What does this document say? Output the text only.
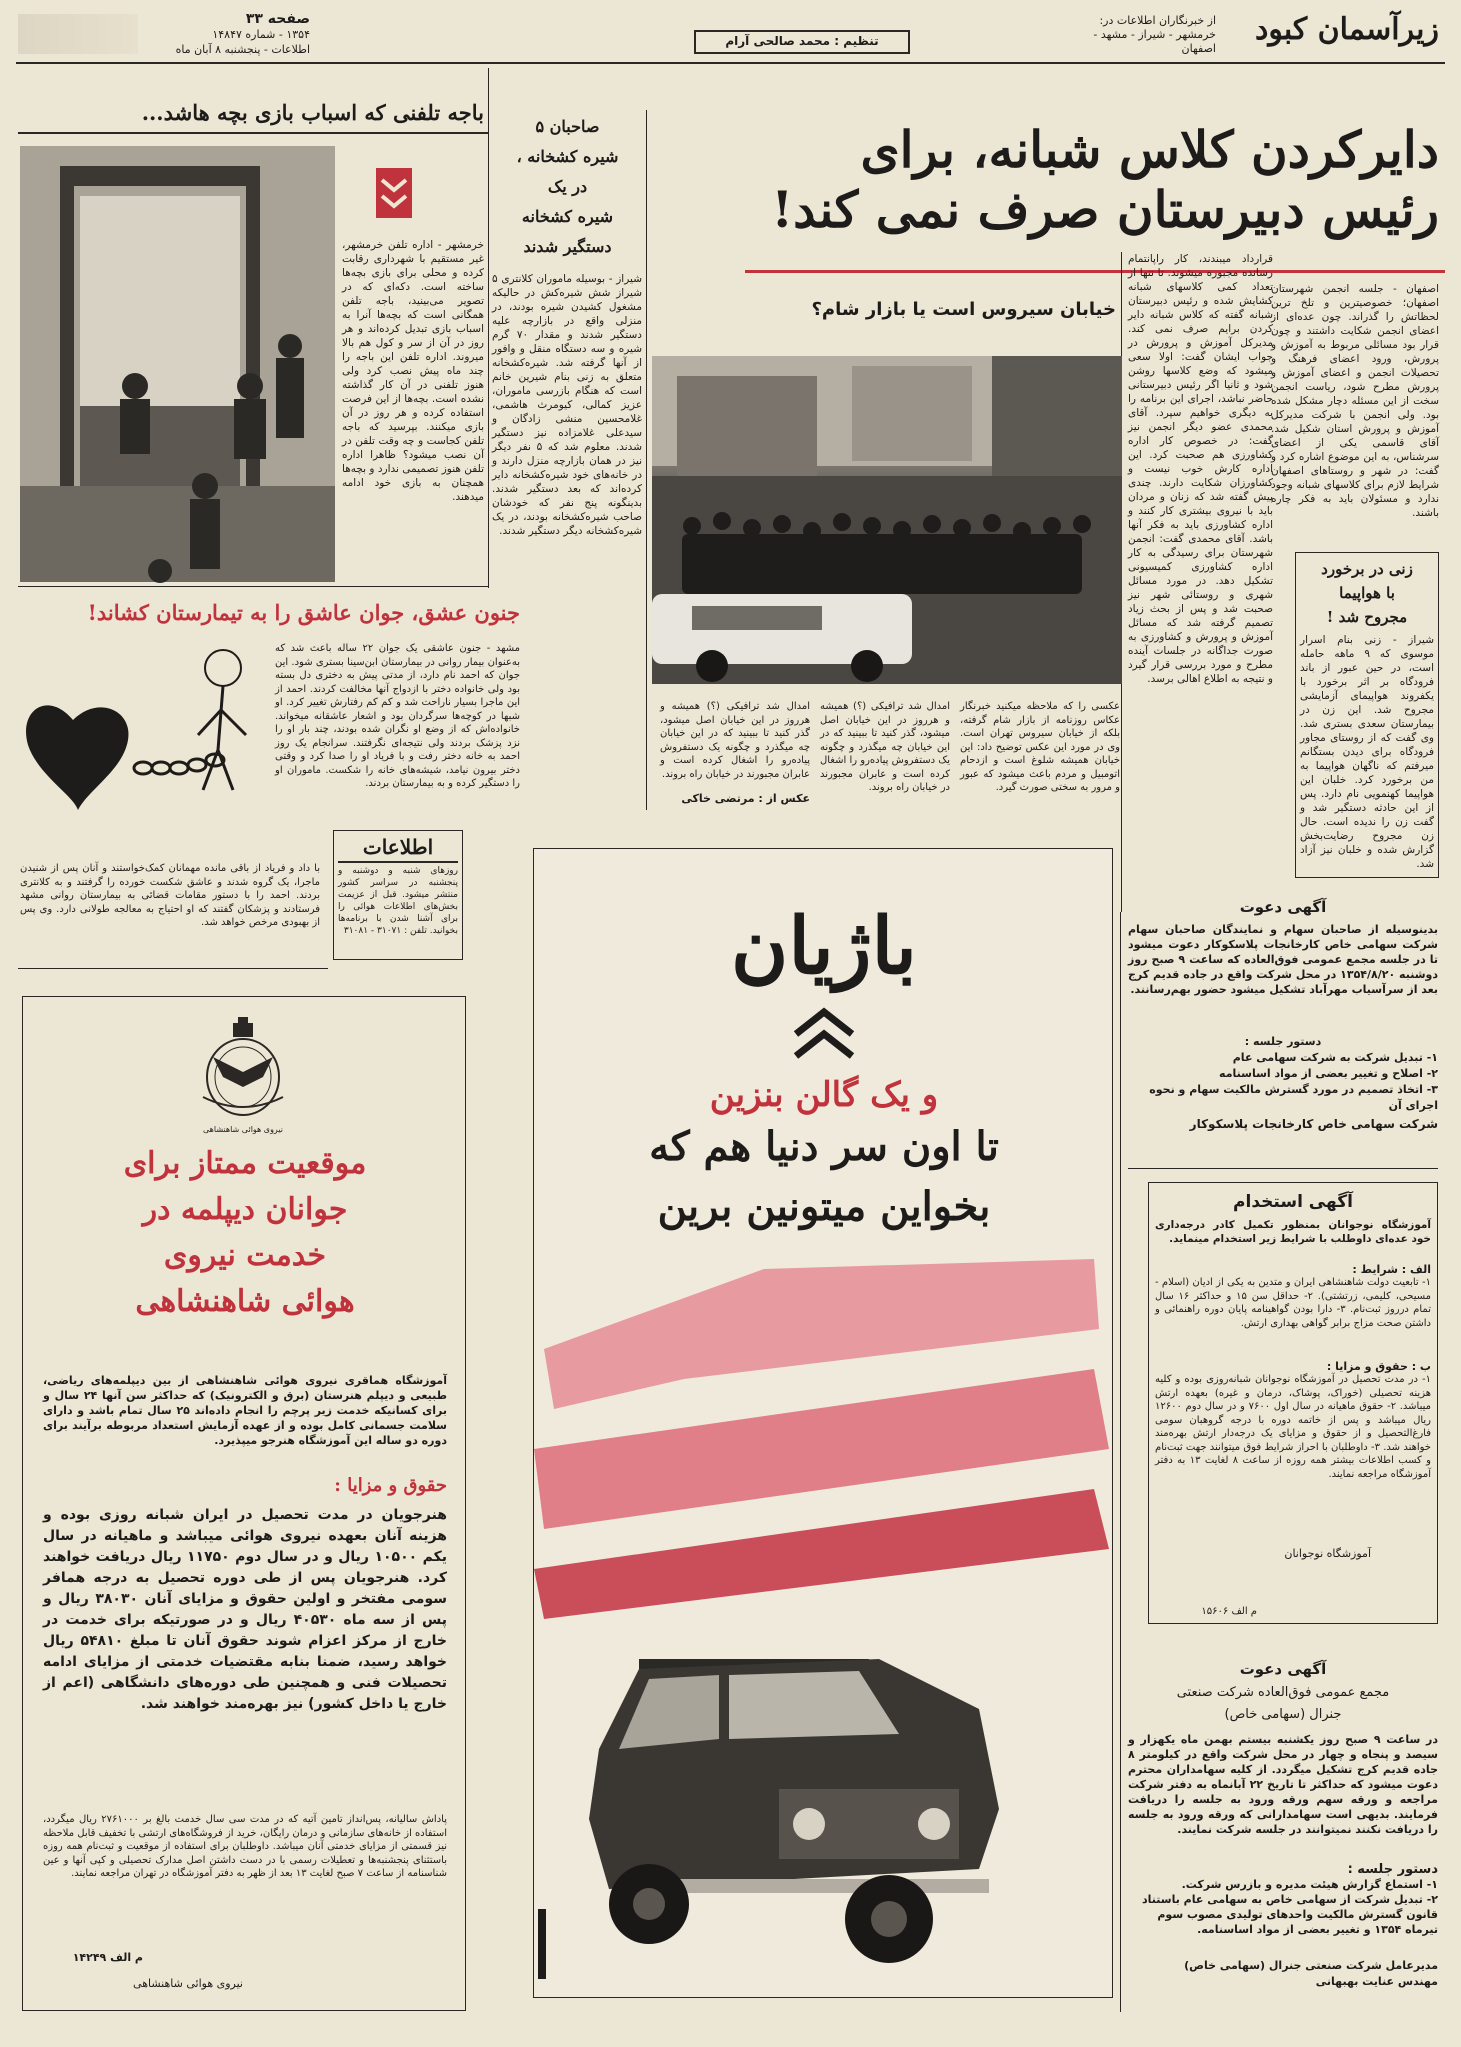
زیرآسمان کبود
از خبرنگاران اطلاعات در:
خرمشهر - شیراز - مشهد -
اصفهان
تنظیم : محمد صالحی آرام
صفحه ۳۳
۱۳۵۴ - شماره ۱۴۸۴۷
اطلاعات - پنجشنبه ۸ آبان ماه
دایرکردن کلاس شبانه، برای
رئیس دبیرستان صرف نمی کند!
اصفهان - جلسه انجمن شهرستان اصفهان؛ خصوصیترین و تلخ ترین لحظاتش را گذراند. چون عده‌ای از اعضای انجمن شکایت داشتند و چون قرار بود مسائلی مربوط به آموزش و پرورش، ورود اعضای فرهنگ و تحصیلات انجمن و اعضای آموزش و پرورش مطرح شود، ریاست انجمن سخت از این مسئله دچار مشکل شده بود. ولی انجمن با شرکت مدیرکل آموزش و پرورش استان شکیل شد. آقای قاسمی یکی از اعضای سرشناس، به این موضوع اشاره کرد و گفت: در شهر و روستاهای اصفهان شرایط لازم برای کلاسهای شبانه وجود ندارد و مسئولان باید به فکر چاره باشند.
قرارداد میبندند، کار راپانتمام رسانده مجبوره میشوند. تا تنها از تعداد کمی کلاسهای شبانه کشایش شده و رئیس دبیرستان شبانه گفته که کلاس شبانه دایر کردن برایم صرف نمی کند. مدیرکل آموزش و پرورش در جواب ایشان گفت: اولا سعی میشود که وضع کلاسها روشن شود و ثانیا اگر رئیس دبیرستانی حاضر نباشد، اجرای این برنامه را به دیگری خواهیم سپرد. آقای محمدی عضو دیگر انجمن نیز گفت: در خصوص کار اداره کشاورزی هم صحبت کرد. این اداره کارش خوب نیست و کشاورزان شکایت دارند. چندی پیش گفته شد که زنان و مردان باید با نیروی بیشتری کار کنند و اداره کشاورزی باید به فکر آنها باشد. آقای محمدی گفت: انجمن شهرستان برای رسیدگی به کار اداره کشاورزی کمیسیونی تشکیل دهد. در مورد مسائل شهری و روستائی شهر نیز صحبت شد و پس از بحث زیاد تصمیم گرفته شد که مسائل آموزش و پرورش و کشاورزی به صورت جداگانه در جلسات آینده مطرح و مورد بررسی قرار گیرد و نتیجه به اطلاع اهالی برسد.
خیابان سیروس است یا بازار شام؟
عکسی را که ملاحظه میکنید خبرنگار عکاس روزنامه از بازار شام گرفته، بلکه از خیابان سیروس تهران است. وی در مورد این عکس توضیح داد: این خیابان همیشه شلوغ است و ازدحام اتومبیل و مردم باعث میشود که عبور و مرور به سختی صورت گیرد.
امدال شد ترافیکی (؟) همیشه و هرروز در این خیابان اصل میشود، گذر کنید تا ببینید که در این خیابان چه میگذرد و چگونه یک دستفروش پیاده‌رو را اشغال کرده است و عابران مجبورند در خیابان راه بروند.
امدال شد ترافیکی (؟) همیشه و هرروز در این خیابان اصل میشود، گذر کنید تا ببینید که در این خیابان چه میگذرد و چگونه یک دستفروش پیاده‌رو را اشغال کرده است و عابران مجبورند در خیابان راه بروند.
عکس از : مرتضی خاکی
صاحبان ۵
شیره کشخانه ،
در یک
شیره کشخانه
دستگیر شدند
شیراز - بوسیله ماموران کلانتری ۵ شیراز شش شیره‌کش در حالیکه مشغول کشیدن شیره بودند، در منزلی واقع در بازارچه علیه دستگیر شدند و مقدار ۷۰ گرم شیره و سه دستگاه منقل و وافور از آنها گرفته شد. شیره‌کشخانه متعلق به زنی بنام شیرین خانم است که هنگام بازرسی ماموران، عزیز کمالی، کیومرث هاشمی، غلامحسین منشی زادگان و سیدعلی غلامزاده نیز دستگیر شدند. معلوم شد که ۵ نفر دیگر نیز در همان بازارچه منزل دارند و در خانه‌های خود شیره‌کشخانه دایر کرده‌اند که بعد دستگیر شدند. بدینگونه پنج نفر که خودشان صاحب شیره‌کشخانه بودند، در یک شیره‌کشخانه دیگر دستگیر شدند.
باجه تلفنی که اسباب بازی بچه هاشد...
خرمشهر - اداره تلفن خرمشهر، غیر مستقیم با شهرداری رقابت کرده و محلی برای بازی بچه‌ها ساخته است. دکه‌ای که در تصویر می‌بینید، باجه تلفن همگانی است که بچه‌ها آنرا به اسباب بازی تبدیل کرده‌اند و هر روز در آن از سر و کول هم بالا میروند. اداره تلفن این باجه را چند ماه پیش نصب کرد ولی هنوز تلفنی در آن کار گذاشته نشده است. بچه‌ها از این فرصت استفاده کرده و هر روز در آن بازی میکنند. بپرسید که باجه تلفن کجاست و چه وقت تلفن در آن نصب میشود؟ ظاهرا اداره تلفن هنوز تصمیمی ندارد و بچه‌ها همچنان به بازی خود ادامه میدهند.
جنون عشق، جوان عاشق را به تیمارستان کشاند!
مشهد - جنون عاشقی یک جوان ۲۲ ساله باعث شد که به‌عنوان بیمار روانی در بیمارستان ابن‌سینا بستری شود. این جوان که احمد نام دارد، از مدتی پیش به دختری دل بسته بود ولی خانواده دختر با ازدواج آنها مخالفت کردند. احمد از این ماجرا بسیار ناراحت شد و کم کم رفتارش تغییر کرد. او شبها در کوچه‌ها سرگردان بود و اشعار عاشقانه میخواند. خانواده‌اش که از وضع او نگران شده بودند، چند بار او را نزد پزشک بردند ولی نتیجه‌ای نگرفتند. سرانجام یک روز احمد به خانه دختر رفت و با فریاد او را صدا کرد و وقتی دختر بیرون نیامد، شیشه‌های خانه را شکست. ماموران او را دستگیر کرده و به بیمارستان بردند.
با داد و فریاد از باقی مانده مهمانان کمک‌خواستند و آنان پس از شنیدن ماجرا، یک گروه شدند و عاشق شکست خورده را گرفتند و به کلانتری بردند. احمد را با دستور مقامات قضائی به بیمارستان روانی مشهد فرستادند و پزشکان گفتند که او احتیاج به معالجه طولانی دارد. وی پس از بهبودی مرخص خواهد شد.
اطلاعات
روزهای شنبه و دوشنبه و پنجشنبه در سراسر کشور منتشر میشود. قبل از عزیمت بخش‌های اطلاعات هوائی را برای آشنا شدن با برنامه‌ها بخوانید. تلفن : ۳۱۰۷۱ - ۳۱۰۸۱
نیروی هوائی شاهنشاهی
موقعیت ممتاز برای
جوانان دیپلمه در
خدمت نیروی
هوائی شاهنشاهی
آموزشگاه هماقری نیروی هوائی شاهنشاهی از بین دیپلمه‌های ریاضی، طبیعی و دیپلم هنرستان (برق و الکترونیک) که حداکثر سن آنها ۲۴ سال و برای کسانیکه خدمت زیر پرچم را انجام داده‌اند ۲۵ سال تمام باشد و دارای سلامت جسمانی کامل بوده و از عهده آزمایش استعداد مربوطه برآیند برای دوره دو ساله این آموزشگاه هنرجو میپذیرد.
حقوق و مزایا :
هنرجویان در مدت تحصیل در ایران شبانه روزی بوده و هزینه آنان بعهده نیروی هوائی میباشد و ماهیانه در سال یکم ۱۰۵۰۰ ریال و در سال دوم ۱۱۷۵۰ ریال دریافت خواهند کرد. هنرجویان پس از طی دوره تحصیل به درجه همافر سومی مفتخر و اولین حقوق و مزایای آنان ۳۸۰۳۰ ریال و پس از سه ماه ۴۰۵۳۰ ریال و در صورتیکه برای خدمت در خارج از مرکز اعزام شوند حقوق آنان تا مبلغ ۵۴۸۱۰ ریال خواهد رسید، ضمنا بنابه مقتضیات خدمتی از مزایای ادامه تحصیلات فنی و همچنین طی دوره‌های دانشگاهی (اعم از خارج یا داخل کشور) نیز بهره‌مند خواهند شد.
پاداش سالیانه، پس‌انداز تامین آتیه که در مدت سی سال خدمت بالغ بر ۲۷۶۱۰۰۰ ریال میگردد، استفاده از خانه‌های سازمانی و درمان رایگان، خرید از فروشگاه‌های ارتشی با تخفیف قابل ملاحظه نیز قسمتی از مزایای خدمتی آنان میباشد. داوطلبان برای استفاده از موقعیت و ثبت‌نام همه روزه باستثنای پنجشنبه‌ها و تعطیلات رسمی با در دست داشتن اصل مدارک تحصیلی و کپی آنها و عین شناسنامه از ساعت ۷ صبح لغایت ۱۳ بعد از ظهر به دفتر آموزشگاه در تهران مراجعه نمایند.
م الف ۱۴۲۴۹
نیروی هوائی شاهنشاهی
باژیان
و یک گالن بنزین
تا اون سر دنیا هم که
بخواین میتونین برین
زنی در برخورد
با هواپیما
مجروح شد !
شیراز - زنی بنام اسرار موسوی که ۹ ماهه حامله است، در حین عبور از باند فرودگاه بر اثر برخورد با یکفروند هواپیمای آزمایشی مجروح شد. این زن در بیمارستان سعدی بستری شد. وی گفت که از روستای مجاور فرودگاه برای دیدن بستگانم میرفتم که ناگهان هواپیما به من برخورد کرد. خلبان این هواپیما کهنمویی نام دارد. پس از این حادثه دستگیر شد و گفت زن را ندیده است. حال زن مجروح رضایت‌بخش گزارش شده و خلبان نیز آزاد شد.
آگهی دعوت
بدینوسیله از صاحبان سهام و نمایندگان صاحبان سهام شرکت سهامی خاص کارخانجات پلاسکوکار دعوت میشود تا در جلسه مجمع عمومی فوق‌العاده که ساعت ۹ صبح روز دوشنبه ۱۳۵۴/۸/۲۰ در محل شرکت واقع در جاده قدیم کرج بعد از سرآسیاب مهرآباد تشکیل میشود حضور بهم‌رسانند.
دستور جلسه :
۱- تبدیل شرکت به شرکت سهامی عام
۲- اصلاح و تغییر بعضی از مواد اساسنامه
۳- اتخاذ تصمیم در مورد گسترش مالکیت سهام و نحوه اجرای آن
شرکت سهامی خاص کارخانجات پلاسکوکار
آگهی استخدام
آموزشگاه نوجوانان بمنظور تکمیل کادر درجه‌داری خود عده‌ای داوطلب با شرایط زیر استخدام مینماید.
الف : شرایط :
۱- تابعیت دولت شاهنشاهی ایران و متدین به یکی از ادیان (اسلام - مسیحی، کلیمی، زرتشتی). ۲- حداقل سن ۱۵ و حداکثر ۱۶ سال تمام درروز ثبت‌نام. ۳- دارا بودن گواهینامه پایان دوره راهنمائی و داشتن صحت مزاج برابر گواهی بهداری ارتش.
ب : حقوق و مزایا :
۱- در مدت تحصیل در آموزشگاه نوجوانان شبانه‌روزی بوده و کلیه هزینه تحصیلی (خوراک، پوشاک، درمان و غیره) بعهده ارتش میباشد. ۲- حقوق ماهیانه در سال اول ۷۶۰۰ و در سال دوم ۱۲۶۰۰ ریال میباشد و پس از خاتمه دوره با درجه گروهبان سومی فارغ‌التحصیل و از حقوق و مزایای یک درجه‌دار ارتش بهره‌مند خواهند شد. ۳- داوطلبان با احراز شرایط فوق میتوانند جهت ثبت‌نام و کسب اطلاعات بیشتر همه روزه از ساعت ۸ لغایت ۱۳ به دفتر آموزشگاه مراجعه نمایند.
آموزشگاه نوجوانان
م الف ۱۵۶۰۶
آگهی دعوت
مجمع عمومی فوق‌العاده شرکت صنعتی
جنرال (سهامی خاص)
در ساعت ۹ صبح روز یکشنبه بیستم بهمن ماه یکهزار و سیصد و پنجاه و چهار در محل شرکت واقع در کیلومتر ۸ جاده قدیم کرج تشکیل میگردد. از کلیه سهامداران محترم دعوت میشود که حداکثر تا تاریخ ۲۲ آبانماه به دفتر شرکت مراجعه و ورقه سهم ورقه ورود به جلسه را دریافت فرمایند. بدیهی است سهامدارانی که ورقه ورود به جلسه را دریافت نکنند نمیتوانند در جلسه شرکت نمایند.
دستور جلسه :
۱- استماع گزارش هیئت مدیره و بازرس شرکت.
۲- تبدیل شرکت از سهامی خاص به سهامی عام باستناد قانون گسترش مالکیت واحدهای تولیدی مصوب سوم تیرماه ۱۳۵۴ و تغییر بعضی از مواد اساسنامه.
مدیرعامل شرکت صنعتی جنرال (سهامی خاص)
مهندس عنایت بهبهانی
